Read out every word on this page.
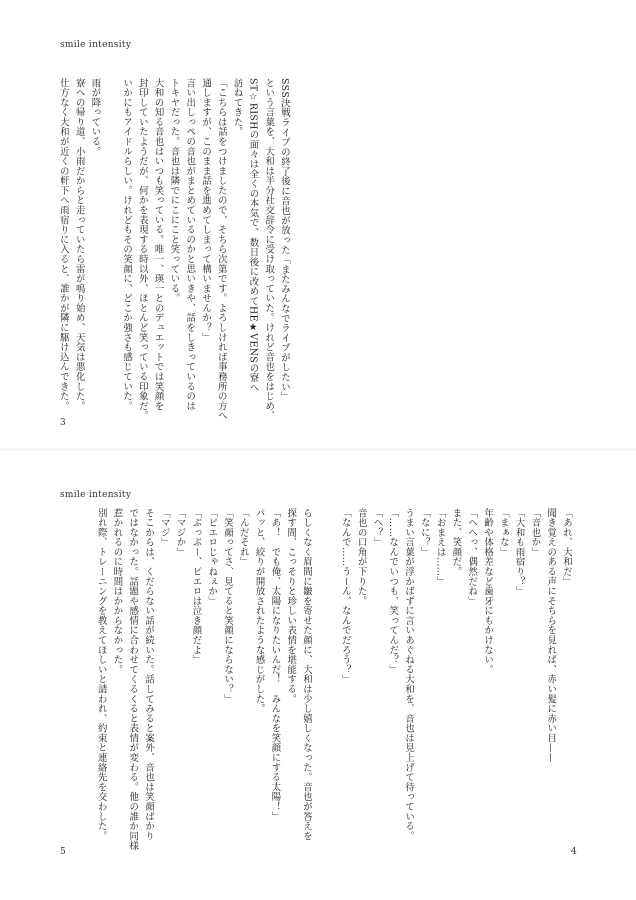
smile intensity
SSS決戦ライブの終了後に音也が放った「またみんなでライブがしたい」
という言葉を、大和は半分社交辞令に受け取っていた。けれど音也をはじめ、
ST☆RISHの面々は全くの本気で、数日後に改めてHE★VENSの寮へ
訪ねてきた。
「こちらは話をつけましたので、そちら次第です。よろしければ事務所の方へ
通しますが、このまま話を進めてしまって構いませんか？」
言い出しっぺの音也がまとめているのかと思いきや、話をしきっているのは
トキヤだった。音也は隣でにこにこと笑っている。
大和の知る音也はいつも笑っている。唯一、瑛一とのデュエットでは笑顔を
封印していたようだが、何かを表現する時以外、ほとんど笑っている印象だ。
いかにもアイドルらしい。けれどもその笑顔に、どこか強さも感じていた。

雨が降っている。
寮への帰り道、小雨だからと走っていたら雷が鳴り始め、天気は悪化した。
仕方なく大和が近くの軒下へ雨宿りに入ると、誰かが隣に駆け込んできた。
3
smile intensity
らしくなく眉間に皺を寄せた顔に、大和は少し嬉しくなった。音也が答えを
探す間、こっそりと珍しい表情を堪能する。
「あ！　でも俺、太陽になりたいんだ！　みんなを笑顔にする太陽！」
パッと、絞りが開放されたような感じがした。
「んだそれ」
「笑顔ってさ、見てると笑顔にならない？」
「ピエロじゃねぇか」
「ぶっぶー、ピエロは泣き顔だよ」
「マジか」
「マジ」
そこからは、くだらない話が続いた。話してみると案外、音也は笑顔ばかり
ではなかった。話題や感情に合わせてくるくると表情が変わる。他の誰か同様
惹かれるのに時間はかからなかった。
別れ際、トレーニングを教えてほしいと請われ、約束と連絡先を交わした。	「あれ、大和だ」
聞き覚えのある声にそちらを見れば、赤い髪に赤い目——
「音也か」
「大和も雨宿り？」
「まぁな」
年齢や体格差など歯牙にもかけない。
「へへっ、偶然だね」
また、笑顔だ。
「おまえは……」
「なに？」
うまい言葉が浮かばずに言いあぐねる大和を、音也は見上げて待っている。
「……なんでいつも、笑ってんだ？」
「へ？」
音也の口角が下りた。
「なんで……うーん、なんでだろう？」
5	4
